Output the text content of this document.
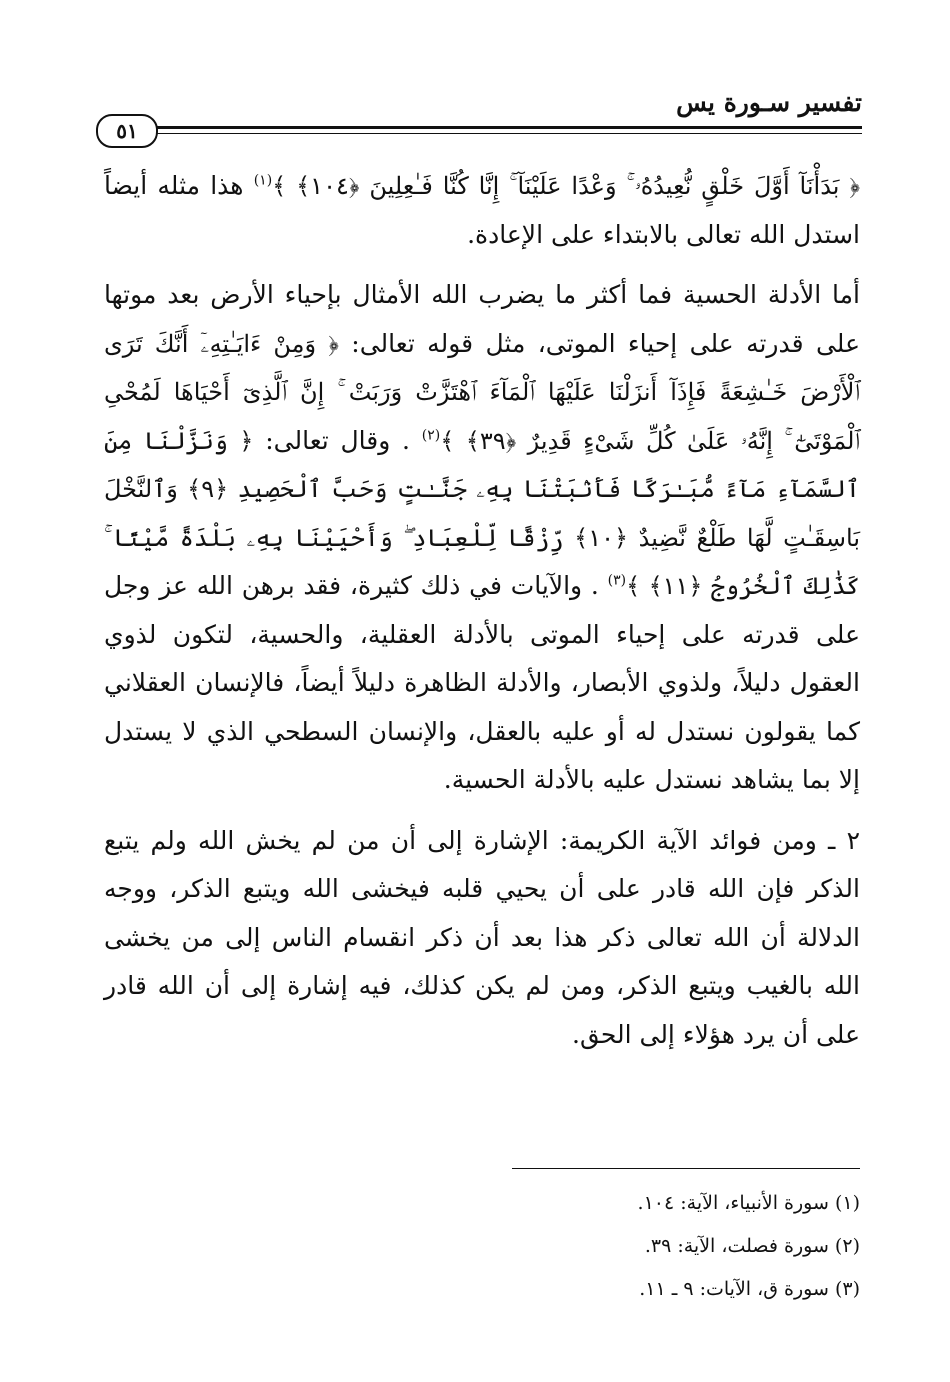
تفسير سـورة يس
٥١

﴿ بَدَأْنَآ أَوَّلَ خَلْقٍ نُّعِيدُهُۥ ۚ وَعْدًا عَلَيْنَآ ۚ إِنَّا كُنَّا فَـٰعِلِينَ ﴿١٠٤﴾ ﴾$^{(١)}$ هذا مثله أيضاً استدل الله تعالى بالابتداء على الإعادة.

أما الأدلة الحسية فما أكثر ما يضرب الله الأمثال بإحياء الأرض بعد موتها على قدرته على إحياء الموتى، مثل قوله تعالى: ﴿ وَمِنْ ءَايَـٰتِهِۦٓ أَنَّكَ تَرَى ٱلْأَرْضَ خَـٰشِعَةً فَإِذَآ أَنزَلْنَا عَلَيْهَا ٱلْمَآءَ ٱهْتَزَّتْ وَرَبَتْ ۚ إِنَّ ٱلَّذِىٓ أَحْيَاهَا لَمُحْىِ ٱلْمَوْتَىٰٓ ۚ إِنَّهُۥ عَلَىٰ كُلِّ شَىْءٍ قَدِيرٌ ﴿٣٩﴾ ﴾$^{(٢)}$ . وقال تعالى: ﴿ وَنَزَّلْنَا مِنَ ٱلسَّمَآءِ مَآءً مُّبَـٰرَكًا فَأَنۢبَتْنَا بِهِۦ جَنَّـٰتٍ وَحَبَّ ٱلْحَصِيدِ ﴿٩﴾ وَٱلنَّخْلَ بَاسِقَـٰتٍ لَّهَا طَلْعٌ نَّضِيدٌ ﴿١٠﴾ رِّزْقًا لِّلْعِبَادِ ۖ وَأَحْيَيْنَا بِهِۦ بَلْدَةً مَّيْتًا ۚ كَذَٰلِكَ ٱلْخُرُوجُ ﴿١١﴾ ﴾$^{(٣)}$ . والآيات في ذلك كثيرة، فقد برهن الله عز وجل على قدرته على إحياء الموتى بالأدلة العقلية، والحسية، لتكون لذوي العقول دليلاً، ولذوي الأبصار، والأدلة الظاهرة دليلاً أيضاً، فالإنسان العقلاني كما يقولون نستدل له أو عليه بالعقل، والإنسان السطحي الذي لا يستدل إلا بما يشاهد نستدل عليه بالأدلة الحسية.

٢ ـ ومن فوائد الآية الكريمة: الإشارة إلى أن من لم يخش الله ولم يتبع الذكر فإن الله قادر على أن يحيي قلبه فيخشى الله ويتبع الذكر، ووجه الدلالة أن الله تعالى ذكر هذا بعد أن ذكر انقسام الناس إلى من يخشى الله بالغيب ويتبع الذكر، ومن لم يكن كذلك، فيه إشارة إلى أن الله قادر على أن يرد هؤلاء إلى الحق.

(١) سورة الأنبياء، الآية: ١٠٤.
(٢) سورة فصلت، الآية: ٣٩.
(٣) سورة ق، الآيات: ٩ ـ ١١.
